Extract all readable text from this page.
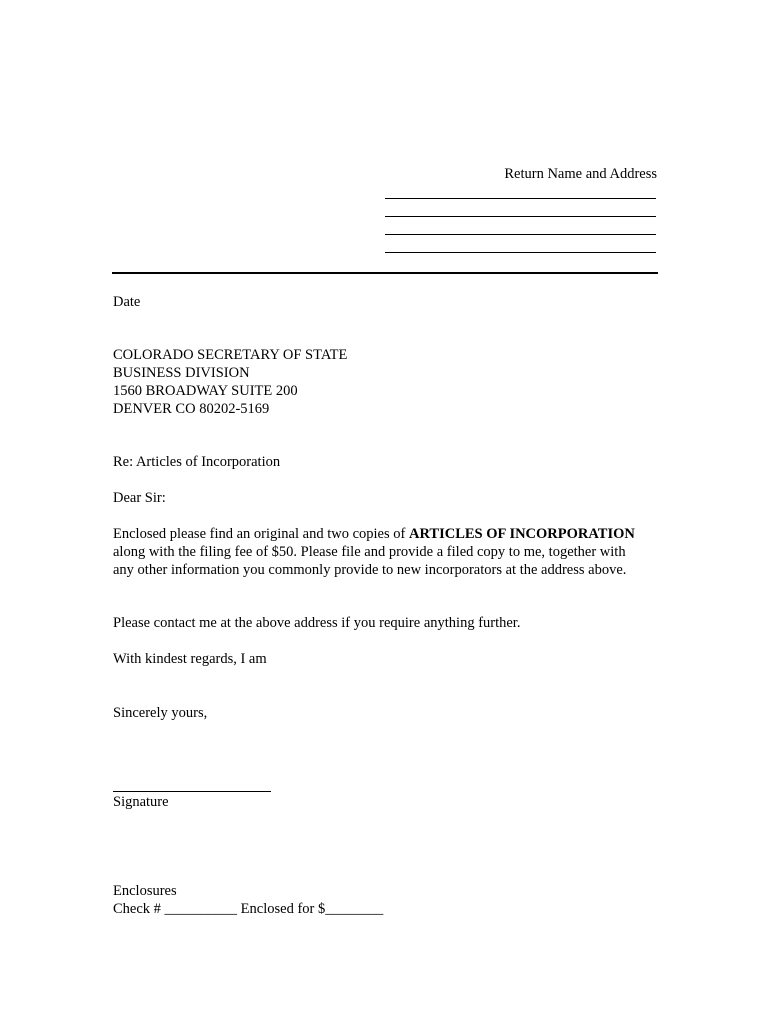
Return Name and Address
Date
COLORADO SECRETARY OF STATE
BUSINESS DIVISION
1560 BROADWAY SUITE 200
DENVER CO 80202-5169
Re: Articles of Incorporation
Dear Sir:
Enclosed please find an original and two copies of ARTICLES OF INCORPORATION along with the filing fee of $50. Please file and provide a filed copy to me, together with any other information you commonly provide to new incorporators at the address above.
Please contact me at the above address if you require anything further.
With kindest regards, I am
Sincerely yours,
Signature
Enclosures
Check # __________ Enclosed for $________
